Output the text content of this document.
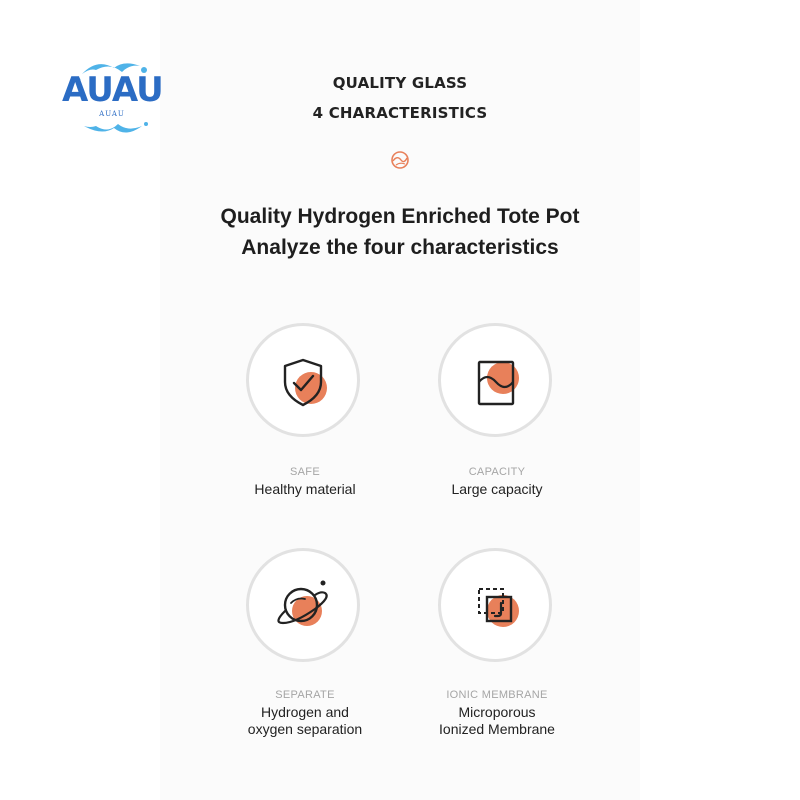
AUAU
AUAU
QUALITY GLASS
4 CHARACTERISTICS
Quality Hydrogen Enriched Tote Pot
Analyze the four characteristics
SAFE
Healthy material
CAPACITY
Large capacity
SEPARATE
Hydrogen and
oxygen separation
IONIC MEMBRANE
Microporous
Ionized Membrane
